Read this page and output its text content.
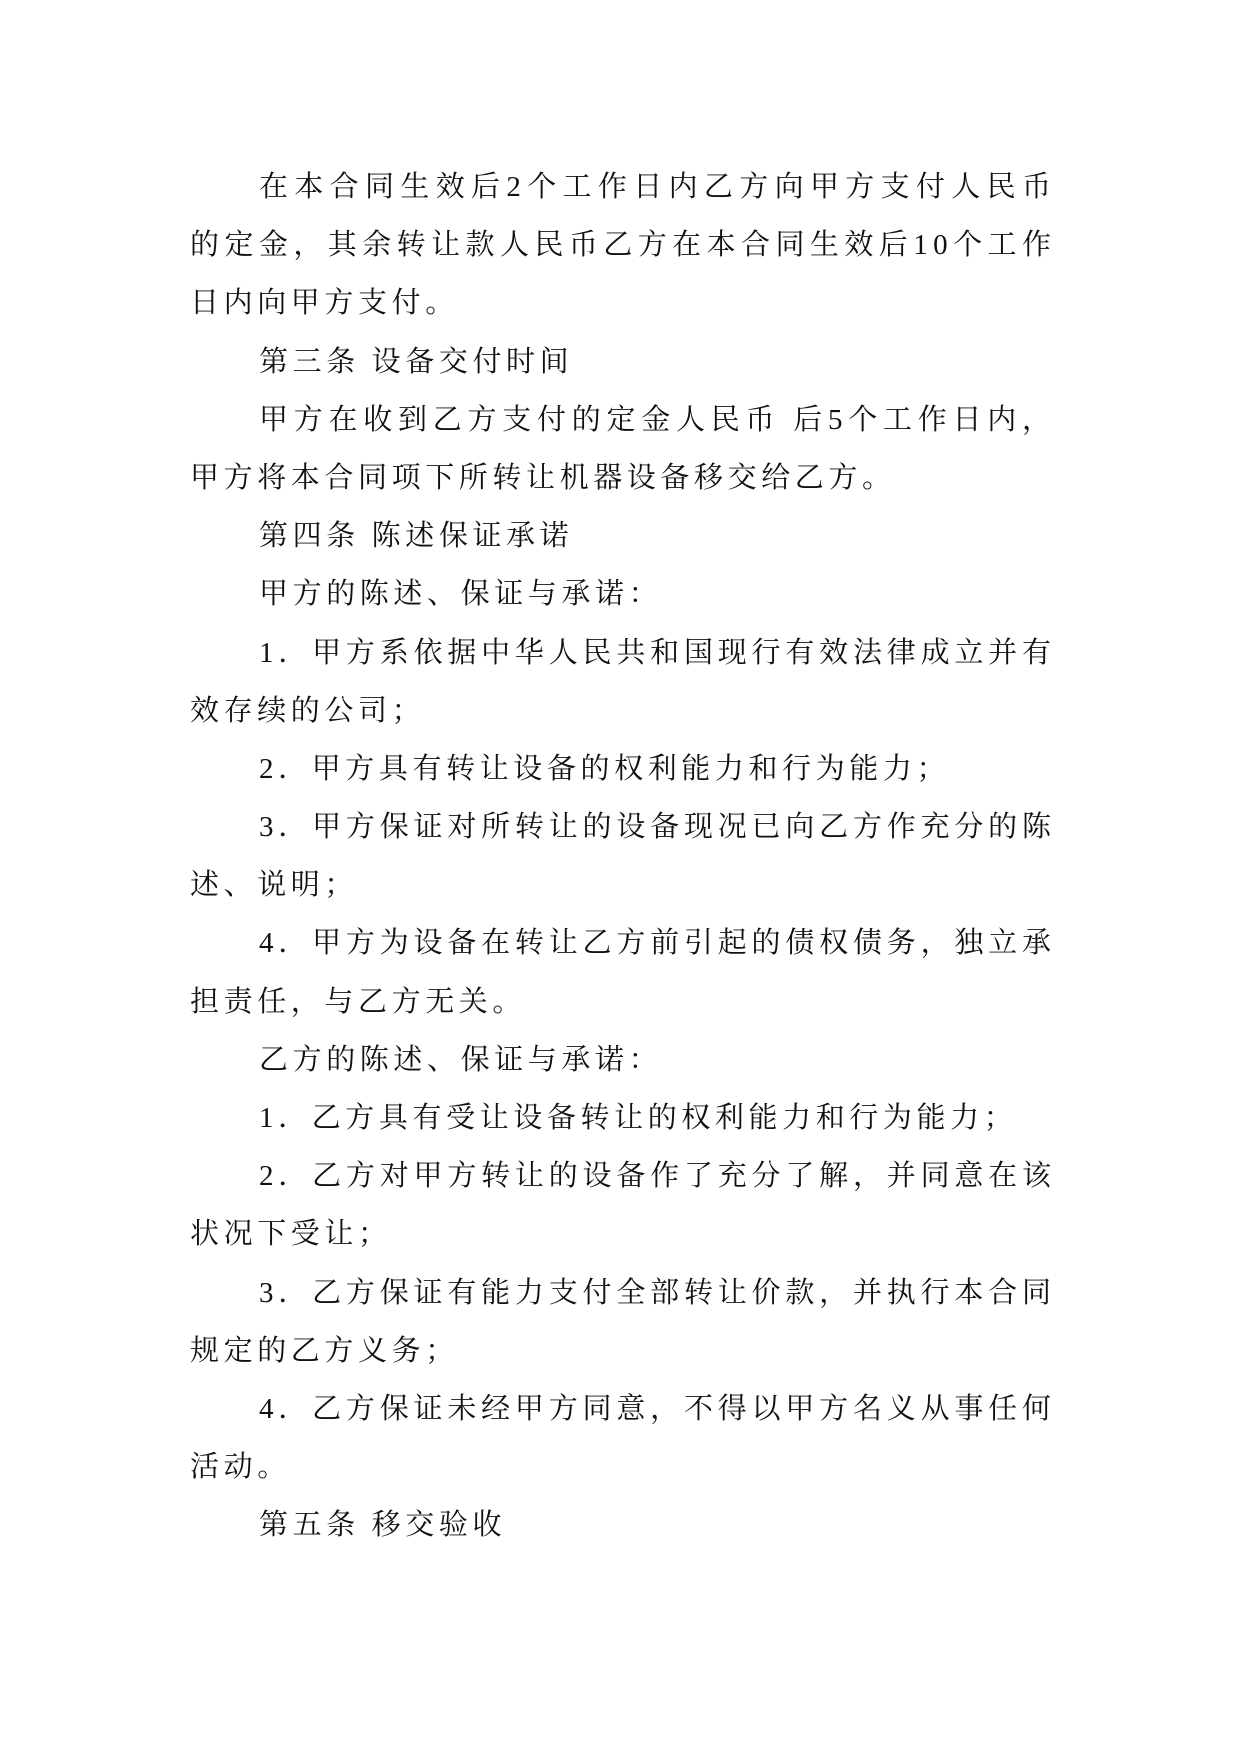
在本合同生效后2个工作日内乙方向甲方支付人民币
的定金，其余转让款人民币乙方在本合同生效后10个工作
日内向甲方支付。
第三条 设备交付时间
甲方在收到乙方支付的定金人民币 后5个工作日内，
甲方将本合同项下所转让机器设备移交给乙方。
第四条 陈述保证承诺
甲方的陈述、保证与承诺：
1．甲方系依据中华人民共和国现行有效法律成立并有
效存续的公司；
2．甲方具有转让设备的权利能力和行为能力；
3．甲方保证对所转让的设备现况已向乙方作充分的陈
述、说明；
4．甲方为设备在转让乙方前引起的债权债务，独立承
担责任，与乙方无关。
乙方的陈述、保证与承诺：
1．乙方具有受让设备转让的权利能力和行为能力；
2．乙方对甲方转让的设备作了充分了解，并同意在该
状况下受让；
3．乙方保证有能力支付全部转让价款，并执行本合同
规定的乙方义务；
4．乙方保证未经甲方同意，不得以甲方名义从事任何
活动。
第五条 移交验收
